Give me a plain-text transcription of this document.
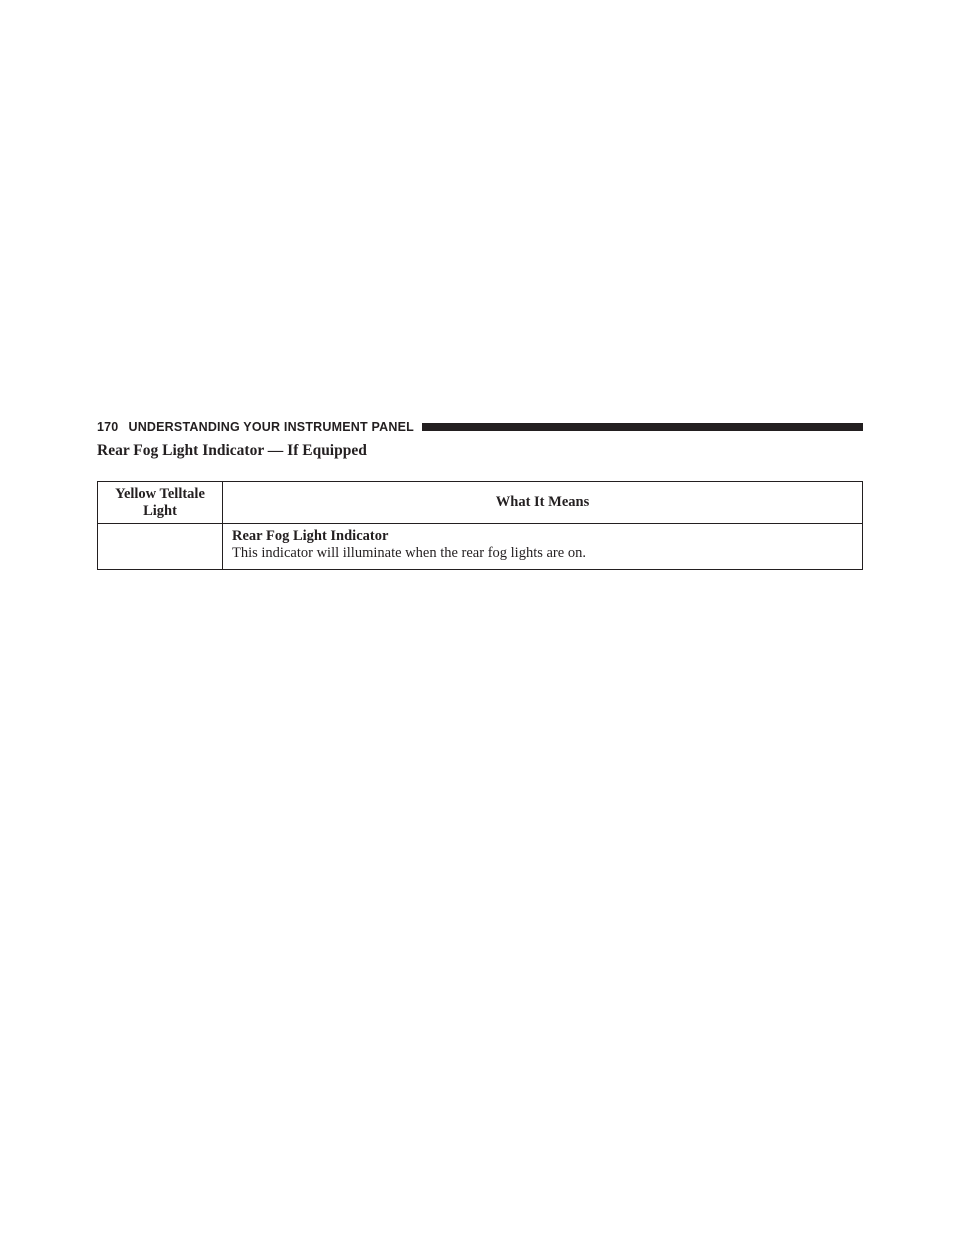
170 UNDERSTANDING YOUR INSTRUMENT PANEL
Rear Fog Light Indicator — If Equipped
Yellow Telltale
Light	What It Means

	Rear Fog Light Indicator
This indicator will illuminate when the rear fog lights are on.
